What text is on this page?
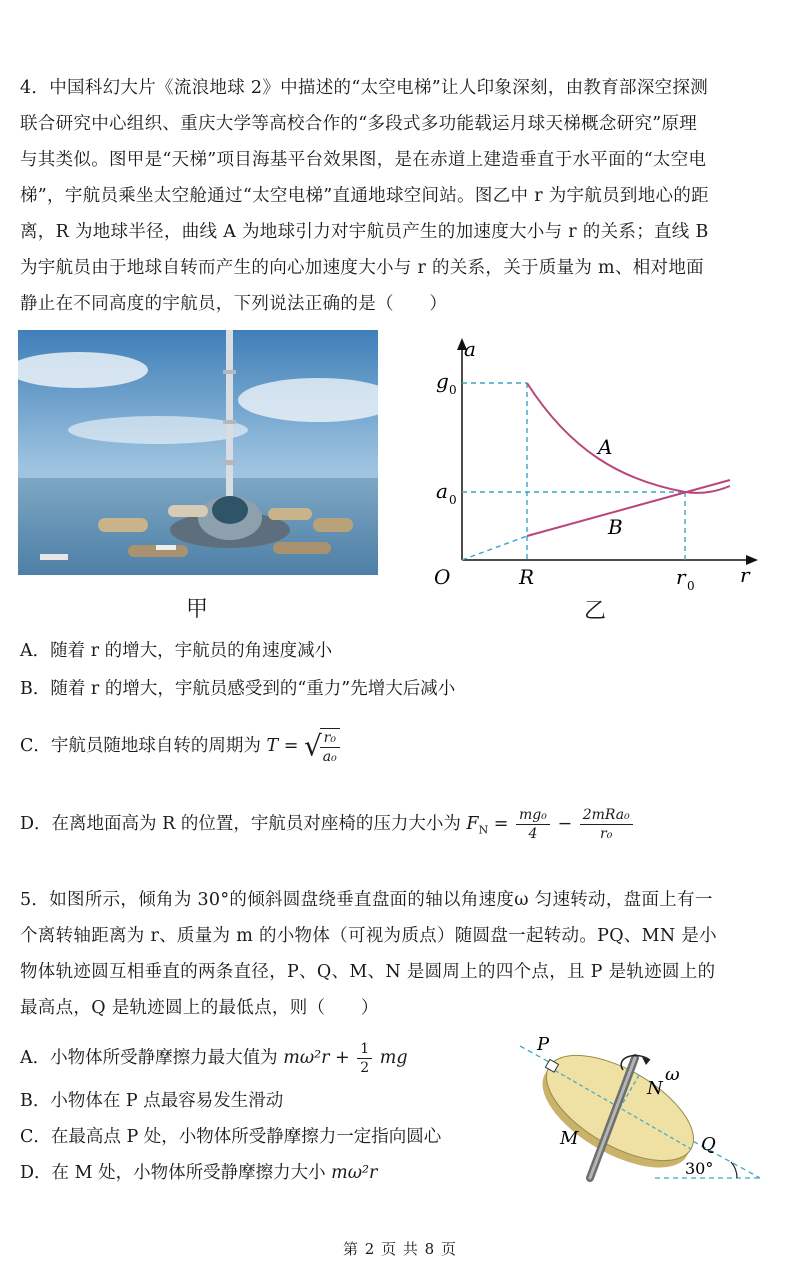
4．中国科幻大片《流浪地球 2》中描述的“太空电梯”让人印象深刻，由教育部深空探测
联合研究中心组织、重庆大学等高校合作的“多段式多功能载运月球天梯概念研究”原理
与其类似。图甲是“天梯”项目海基平台效果图，是在赤道上建造垂直于水平面的“太空电
梯”，宇航员乘坐太空舱通过“太空电梯”直通地球空间站。图乙中 r 为宇航员到地心的距
离，R 为地球半径，曲线 A 为地球引力对宇航员产生的加速度大小与 r 的关系；直线 B
为宇航员由于地球自转而产生的向心加速度大小与 r 的关系，关于质量为 m、相对地面
静止在不同高度的宇航员，下列说法正确的是（　　）
甲
a
r
O
g 0
a 0
R	r 0
A
B
乙
A．随着 r 的增大，宇航员的角速度减小
B．随着 r 的增大，宇航员感受到的“重力”先增大后减小
C．宇航员随地球自转的周期为 T = √
$\frac{\text{r₀}}{\text{a₀}}$
D．在离地面高为 R 的位置，宇航员对座椅的压力大小为 $F_N = \frac{\text{mg₀}}{4} - \frac{\text{2mRa₀}}{\text{r₀}}$
5．如图所示，倾角为 30°的倾斜圆盘绕垂直盘面的轴以角速度ω 匀速转动，盘面上有一
个离转轴距离为 r、质量为 m 的小物体（可视为质点）随圆盘一起转动。PQ、MN 是小
物体轨迹圆互相垂直的两条直径，P、Q、M、N 是圆周上的四个点，且 P 是轨迹圆上的
最高点，Q 是轨迹圆上的最低点，则（　　）
A．小物体所受静摩擦力最大值为 $m\omega^2r + \frac{1}{2}$ mg
B．小物体在 P 点最容易发生滑动
C．在最高点 P 处，小物体所受静摩擦力一定指向圆心
D．在 M 处，小物体所受静摩擦力大小 mω²r
P
Q
M
N
ω
30°
第 2 页 共 8 页
